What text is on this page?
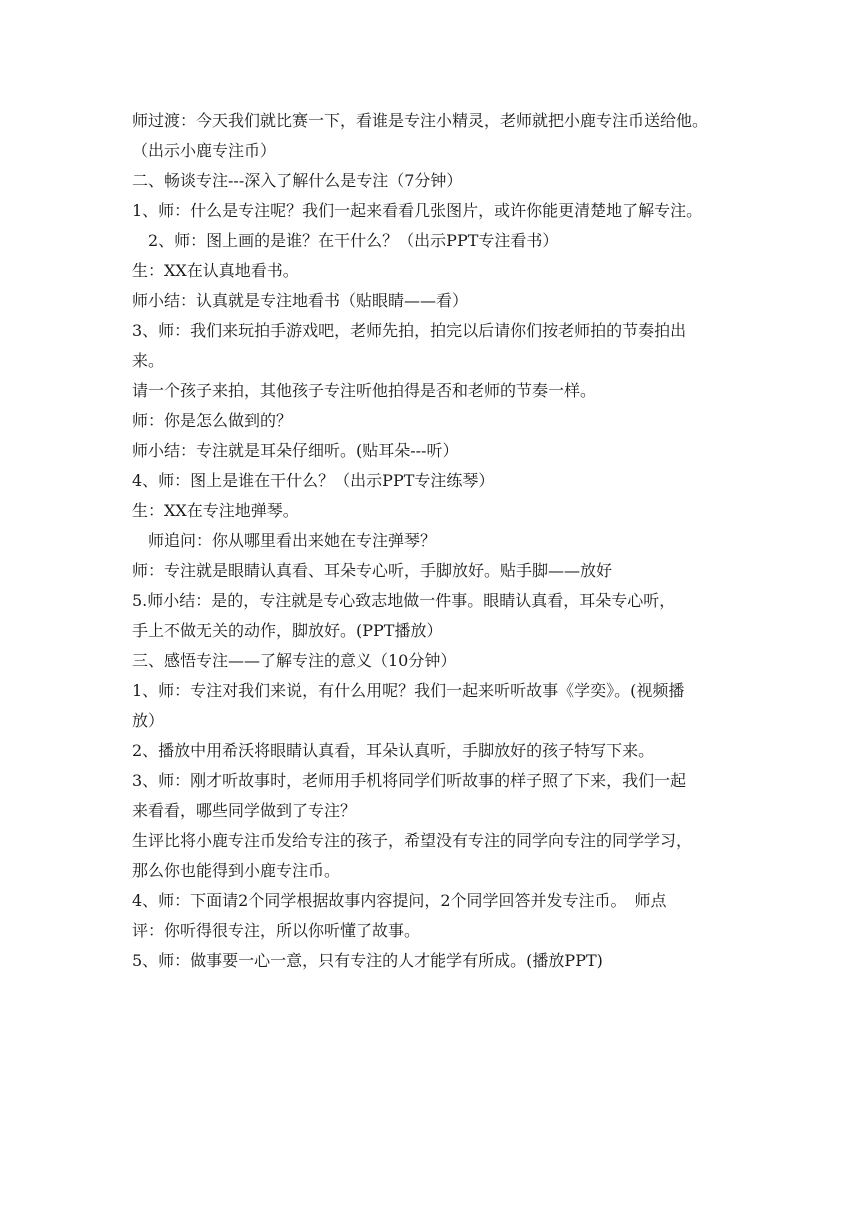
师过渡：今天我们就比赛一下，看谁是专注小精灵，老师就把小鹿专注币送给他。
（出示小鹿专注币）
二、畅谈专注---深入了解什么是专注（7分钟）
1、师：什么是专注呢？我们一起来看看几张图片，或许你能更清楚地了解专注。
2、师：图上画的是谁？在干什么？（出示PPT专注看书）
生：XX在认真地看书。
师小结：认真就是专注地看书（贴眼睛——看）
3、师：我们来玩拍手游戏吧，老师先拍，拍完以后请你们按老师拍的节奏拍出
来。
请一个孩子来拍，其他孩子专注听他拍得是否和老师的节奏一样。
师：你是怎么做到的？
师小结：专注就是耳朵仔细听。(贴耳朵---听）
4、师：图上是谁在干什么？（出示PPT专注练琴）
生：XX在专注地弹琴。
师追问：你从哪里看出来她在专注弹琴？
师：专注就是眼睛认真看、耳朵专心听，手脚放好。贴手脚——放好
5.师小结：是的，专注就是专心致志地做一件事。眼睛认真看，耳朵专心听，
手上不做无关的动作，脚放好。(PPT播放）
三、感悟专注——了解专注的意义（10分钟）
1、师：专注对我们来说，有什么用呢？我们一起来听听故事《学奕》。(视频播
放）
2、播放中用希沃将眼睛认真看，耳朵认真听，手脚放好的孩子特写下来。
3、师：刚才听故事时，老师用手机将同学们听故事的样子照了下来，我们一起
来看看，哪些同学做到了专注？
生评比将小鹿专注币发给专注的孩子，希望没有专注的同学向专注的同学学习，
那么你也能得到小鹿专注币。
4、师：下面请2个同学根据故事内容提问，2个同学回答并发专注币。　师点
评：你听得很专注，所以你听懂了故事。
5、师：做事要一心一意，只有专注的人才能学有所成。(播放PPT)
